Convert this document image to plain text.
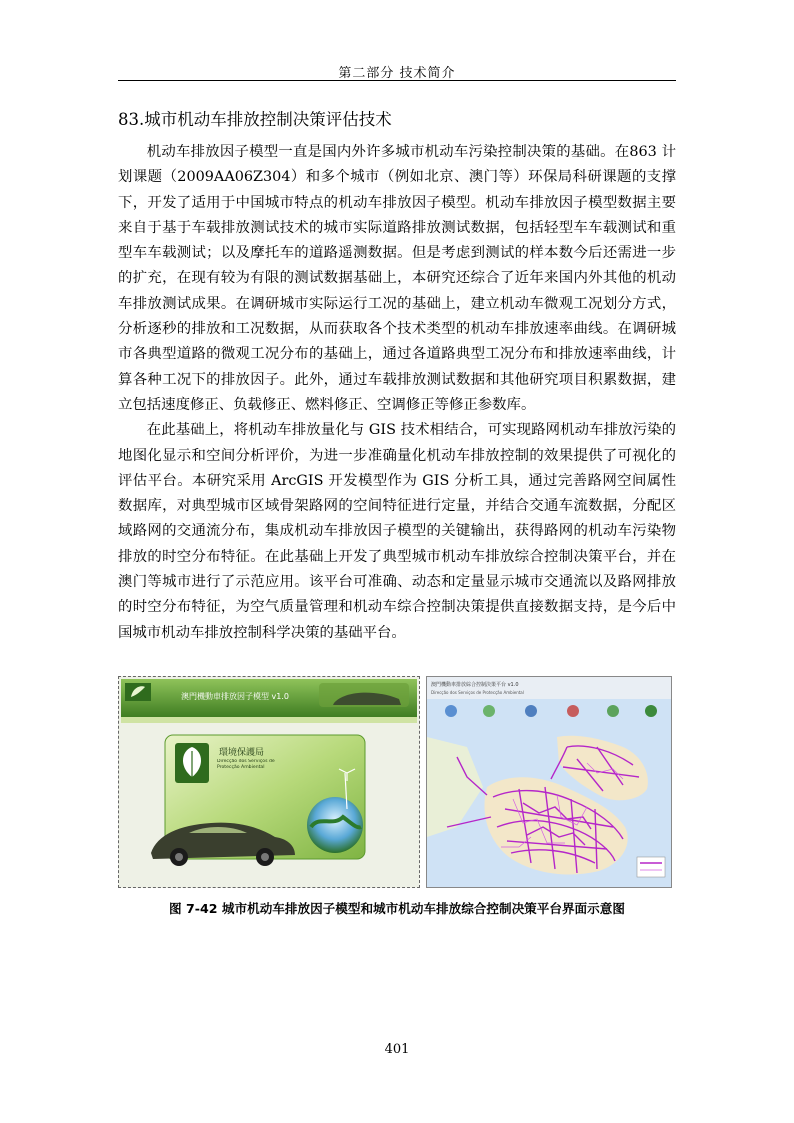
第二部分 技术简介
83.城市机动车排放控制决策评估技术

机动车排放因子模型一直是国内外许多城市机动车污染控制决策的基础。在863 计划课题（2009AA06Z304）和多个城市（例如北京、澳门等）环保局科研课题的支撑下，开发了适用于中国城市特点的机动车排放因子模型。机动车排放因子模型数据主要来自于基于车载排放测试技术的城市实际道路排放测试数据，包括轻型车车载测试和重型车车载测试；以及摩托车的道路遥测数据。但是考虑到测试的样本数今后还需进一步的扩充，在现有较为有限的测试数据基础上，本研究还综合了近年来国内外其他的机动车排放测试成果。在调研城市实际运行工况的基础上，建立机动车微观工况划分方式，分析逐秒的排放和工况数据，从而获取各个技术类型的机动车排放速率曲线。在调研城市各典型道路的微观工况分布的基础上，通过各道路典型工况分布和排放速率曲线，计算各种工况下的排放因子。此外，通过车载排放测试数据和其他研究项目积累数据，建立包括速度修正、负载修正、燃料修正、空调修正等修正参数库。

在此基础上，将机动车排放量化与 GIS 技术相结合，可实现路网机动车排放污染的地图化显示和空间分析评价，为进一步准确量化机动车排放控制的效果提供了可视化的评估平台。本研究采用 ArcGIS 开发模型作为 GIS 分析工具，通过完善路网空间属性数据库，对典型城市区域骨架路网的空间特征进行定量，并结合交通车流数据，分配区域路网的交通流分布，集成机动车排放因子模型的关键输出，获得路网的机动车污染物排放的时空分布特征。在此基础上开发了典型城市机动车排放综合控制决策平台，并在澳门等城市进行了示范应用。该平台可准确、动态和定量显示城市交通流以及路网排放的时空分布特征，为空气质量管理和机动车综合控制决策提供直接数据支持，是今后中国城市机动车排放控制科学决策的基础平台。

澳門機動車排放因子模型 v1.0
環境保護局
Direcção dos Serviços de Protecção Ambiental
澳門機動車排放綜合控制決策平台 v1.0
Direcção dos Serviços de Protecção Ambiental
图 7-42 城市机动车排放因子模型和城市机动车排放综合控制决策平台界面示意图
401
